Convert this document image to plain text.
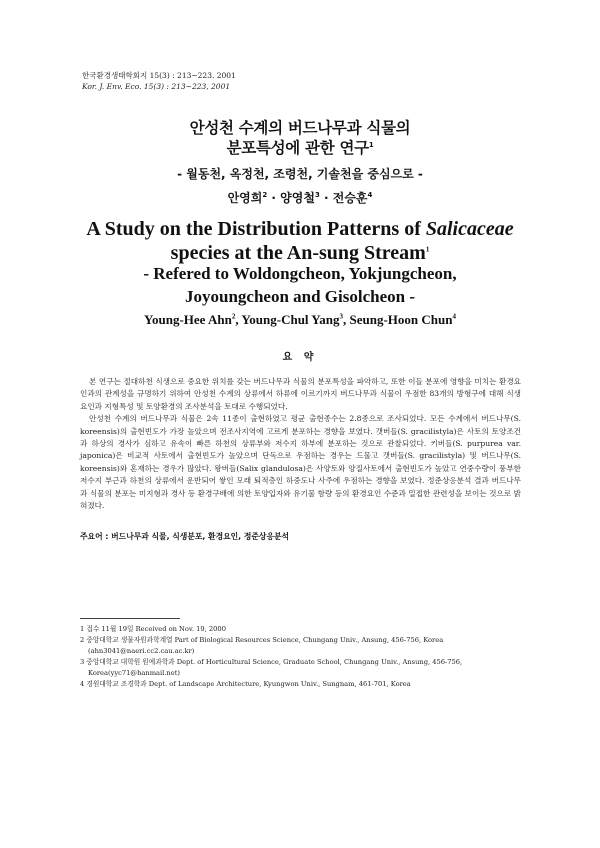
한국환경생태학회지 15(3) : 213~223. 2001
Kor. J. Env. Eco. 15(3) : 213~223, 2001
안성천 수계의 버드나무과 식물의
분포특성에 관한 연구$^1$
- 월동천, 옥정천, 조령천, 기솔천을 중심으로 -
안영희$^2$ · 양영철$^3$ · 전승훈$^4$
A Study on the Distribution Patterns of Salicaceae
species at the An-sung Stream$^1$
- Refered to Woldongcheon, Yokjungcheon,
Joyoungcheon and Gisolcheon -
Young-Hee Ahn$^2$, Young-Chul Yang$^3$, Seung-Hoon Chun$^4$
요 약

본 연구는 절대하천 식생으로 중요한 위치를 갖는 버드나무과 식물의 분포특성을 파악하고, 또한 이들 분포에 영향을 미치는 환경요인과의 관계성을 규명하기 위하여 안성천 수계의 상류에서 하류에 이르기까지 버드나무과 식물이 우점한 83개의 방형구에 대해 식생요인과 지형특성 및 토양환경의 조사분석을 토대로 수행되었다.

안성천 수계의 버드나무과 식물은 2속 11종이 출현하였고 평균 출현종수는 2.8종으로 조사되었다. 모든 수계에서 버드나무(S. koreensis)의 출현빈도가 가장 높았으며 전조사지역에 고르게 분포하는 경향을 보였다. 갯버들(S. gracilistyla)은 사토의 토양조건과 하상의 경사가 심하고 유속이 빠른 하천의 상류부와 저수지 하부에 분포하는 것으로 관찰되었다. 키버들(S. purpurea var. japonica)은 비교적 사토에서 출현빈도가 높았으며 단독으로 우점하는 경우는 드물고 갯버들(S. gracilistyla) 및 버드나무(S. koreensis)와 혼재하는 경우가 많았다. 왕버들(Salix glandulosa)은 사양토와 양질사토에서 출현빈도가 높았고 연중수량이 풍부한 저수지 부근과 하천의 상류에서 운반되어 쌓인 모래 퇴적층인 하중도나 사주에 우점하는 경향을 보였다. 정준상응분석 결과 버드나무과 식물의 분포는 미지형과 경사 등 환경구배에 의한 토양입자와 유기물 함량 등의 환경요인 수준과 밀접한 관련성을 보이는 것으로 밝혀졌다.

주요어 : 버드나무과 식물, 식생분포, 환경요인, 정준상응분석
1 접수 11월 19일 Received on Nov. 19, 2000
2 중앙대학교 생물자원과학계열 Part of Biological Resources Science, Chungang Univ., Ansung, 456-756, Korea
(ahn3041@naeri.cc2.cau.ac.kr)
3 중앙대학교 대학원 원예과학과 Dept. of Horticultural Science, Graduate School, Chungang Univ., Ansung, 456-756,
Korea(yyc71@hanmail.net)
4 경원대학교 조경학과 Dept. of Landscape Architecture, Kyungwon Univ., Sungnam, 461-701, Korea
